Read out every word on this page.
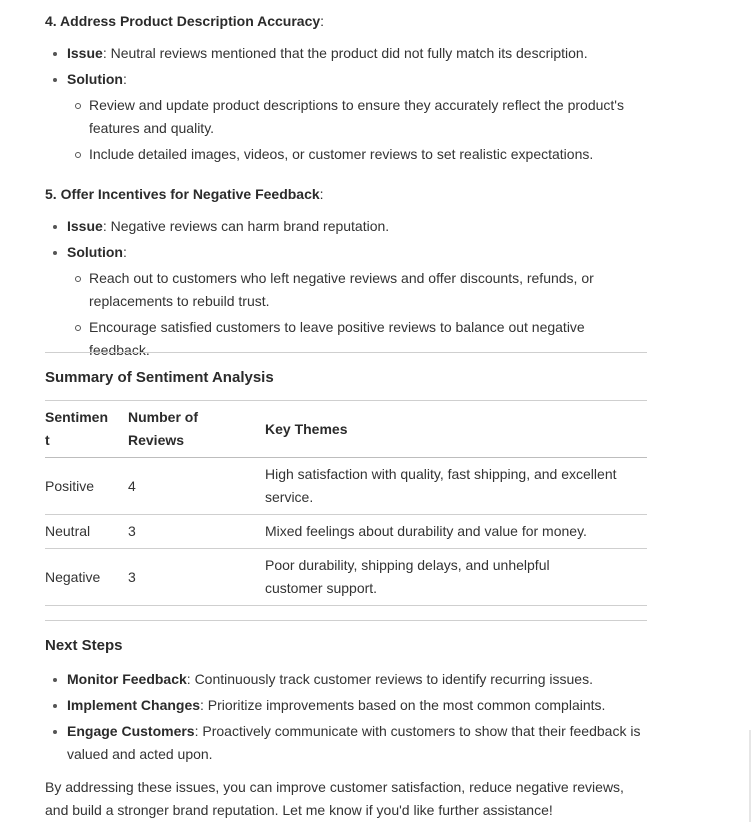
4. Address Product Description Accuracy:

Issue: Neutral reviews mentioned that the product did not fully match its description.
Solution:
Review and update product descriptions to ensure they accurately reflect the product's features and quality.
Include detailed images, videos, or customer reviews to set realistic expectations.

5. Offer Incentives for Negative Feedback:

Issue: Negative reviews can harm brand reputation.
Solution:
Reach out to customers who left negative reviews and offer discounts, refunds, or replacements to rebuild trust.
Encourage satisfied customers to leave positive reviews to balance out negative feedback.

Summary of Sentiment Analysis

Sentiment	Number of Reviews	Key Themes
Positive	4	High satisfaction with quality, fast shipping, and excellent service.
Neutral	3	Mixed feelings about durability and value for money.
Negative	3	Poor durability, shipping delays, and unhelpful customer support.

Next Steps

Monitor Feedback: Continuously track customer reviews to identify recurring issues.
Implement Changes: Prioritize improvements based on the most common complaints.
Engage Customers: Proactively communicate with customers to show that their feedback is valued and acted upon.

By addressing these issues, you can improve customer satisfaction, reduce negative reviews, and build a stronger brand reputation. Let me know if you'd like further assistance!
